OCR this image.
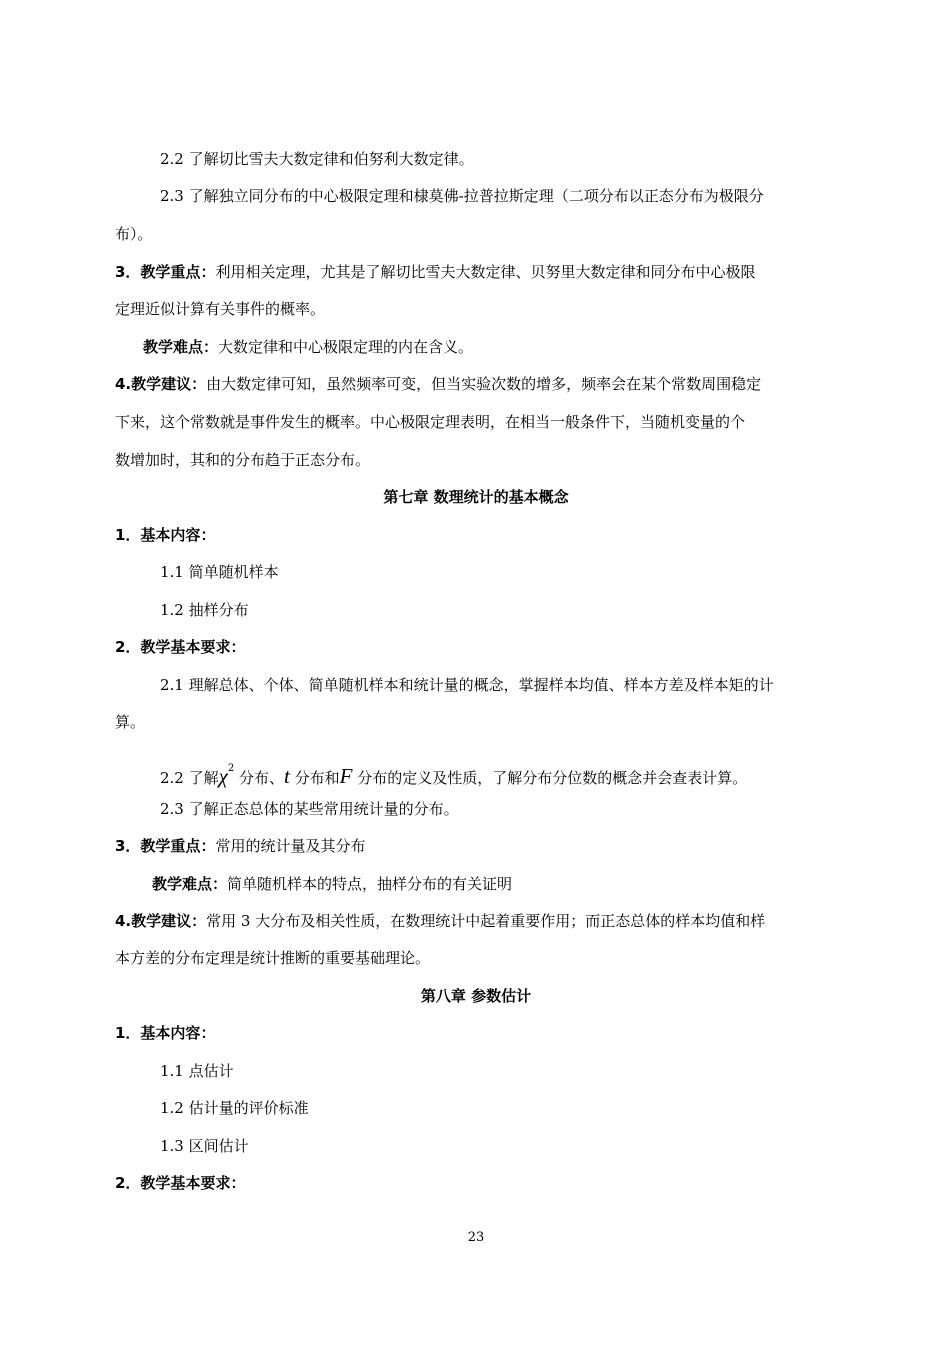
2.2 了解切比雪夫大数定律和伯努利大数定律。
2.3 了解独立同分布的中心极限定理和棣莫佛-拉普拉斯定理（二项分布以正态分布为极限分
布）。
3．教学重点：利用相关定理，尤其是了解切比雪夫大数定律、贝努里大数定律和同分布中心极限
定理近似计算有关事件的概率。
教学难点：大数定律和中心极限定理的内在含义。
4.教学建议：由大数定律可知，虽然频率可变，但当实验次数的增多，频率会在某个常数周围稳定
下来，这个常数就是事件发生的概率。中心极限定理表明，在相当一般条件下，当随机变量的个
数增加时，其和的分布趋于正态分布。
第七章 数理统计的基本概念
1．基本内容：
1.1 简单随机样本
1.2 抽样分布
2．教学基本要求：
2.1 理解总体、个体、简单随机样本和统计量的概念，掌握样本均值、样本方差及样本矩的计
算。
2.2 了解$\chi^2$ 分布、t 分布和F 分布的定义及性质，了解分布分位数的概念并会查表计算。
2.3 了解正态总体的某些常用统计量的分布。
3．教学重点：常用的统计量及其分布
教学难点：简单随机样本的特点，抽样分布的有关证明
4.教学建议：常用 3 大分布及相关性质，在数理统计中起着重要作用；而正态总体的样本均值和样
本方差的分布定理是统计推断的重要基础理论。
第八章 参数估计
1．基本内容：
1.1 点估计
1.2 估计量的评价标准
1.3 区间估计
2．教学基本要求：
23
